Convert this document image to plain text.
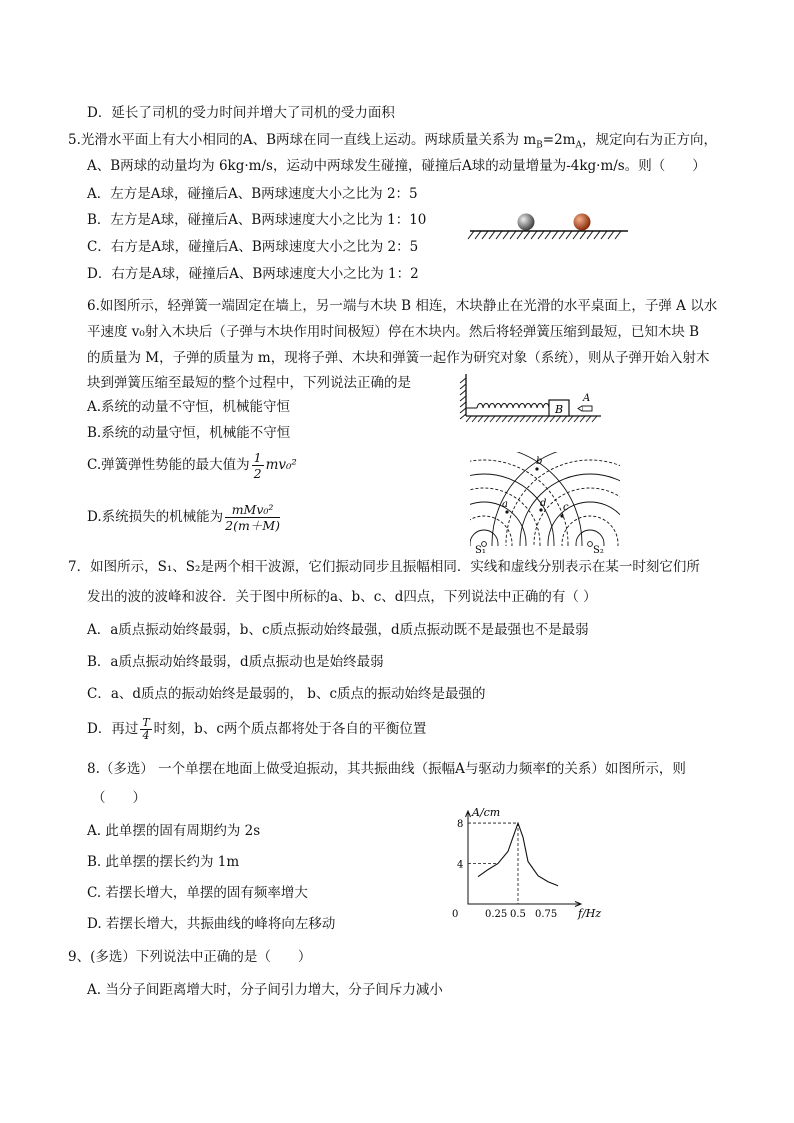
D．延长了司机的受力时间并增大了司机的受力面积
5.光滑水平面上有大小相同的A、B两球在同一直线上运动。两球质量关系为 $m_B=2m_A$，规定向右为正方向，
A、B两球的动量均为 6kg·m/s，运动中两球发生碰撞，碰撞后A球的动量增量为-4kg·m/s。则（　　）
A．左方是A球，碰撞后A、B两球速度大小之比为 2：5
B．左方是A球，碰撞后A、B两球速度大小之比为 1：10
C．右方是A球，碰撞后A、B两球速度大小之比为 2：5
D．右方是A球，碰撞后A、B两球速度大小之比为 1：2
6.如图所示，轻弹簧一端固定在墙上，另一端与木块 B 相连，木块静止在光滑的水平桌面上，子弹 A 以水
平速度 v₀射入木块后（子弹与木块作用时间极短）停在木块内。然后将轻弹簧压缩到最短，已知木块 B
的质量为 M，子弹的质量为 m，现将子弹、木块和弹簧一起作为研究对象（系统），则从子弹开始入射木
块到弹簧压缩至最短的整个过程中，下列说法正确的是
A.系统的动量不守恒，机械能守恒
B.系统的动量守恒，机械能不守恒
C.弹簧弹性势能的最大值为 $\frac{1}{2} mv_0^2$
D.系统损失的机械能为 $\frac{\text{mMv₀²}}{2(m+M)}$
B
A
a
b
c
d
S₁	S₂
7．如图所示，S₁、S₂是两个相干波源，它们振动同步且振幅相同．实线和虚线分别表示在某一时刻它们所
发出的波的波峰和波谷．关于图中所标的a、b、c、d四点，下列说法中正确的有（ ）
A．a质点振动始终最弱，b、c质点振动始终最强，d质点振动既不是最强也不是最弱
B．a质点振动始终最弱，d质点振动也是始终最弱
C．a、d质点的振动始终是最弱的， b、c质点的振动始终是最强的
D．再过 $\frac{T}{4}$ 时刻，b、c两个质点都将处于各自的平衡位置
8.（多选） 一个单摆在地面上做受迫振动，其共振曲线（振幅A与驱动力频率f的关系）如图所示，则
（　　）
A. 此单摆的固有周期约为 2s
B. 此单摆的摆长约为 1m
C. 若摆长增大，单摆的固有频率增大
D. 若摆长增大，共振曲线的峰将向左移动
0	0.25 0.5 0.75
4
8
A/cm
f/Hz
9、(多选）下列说法中正确的是（　　）
A. 当分子间距离增大时，分子间引力增大，分子间斥力减小
